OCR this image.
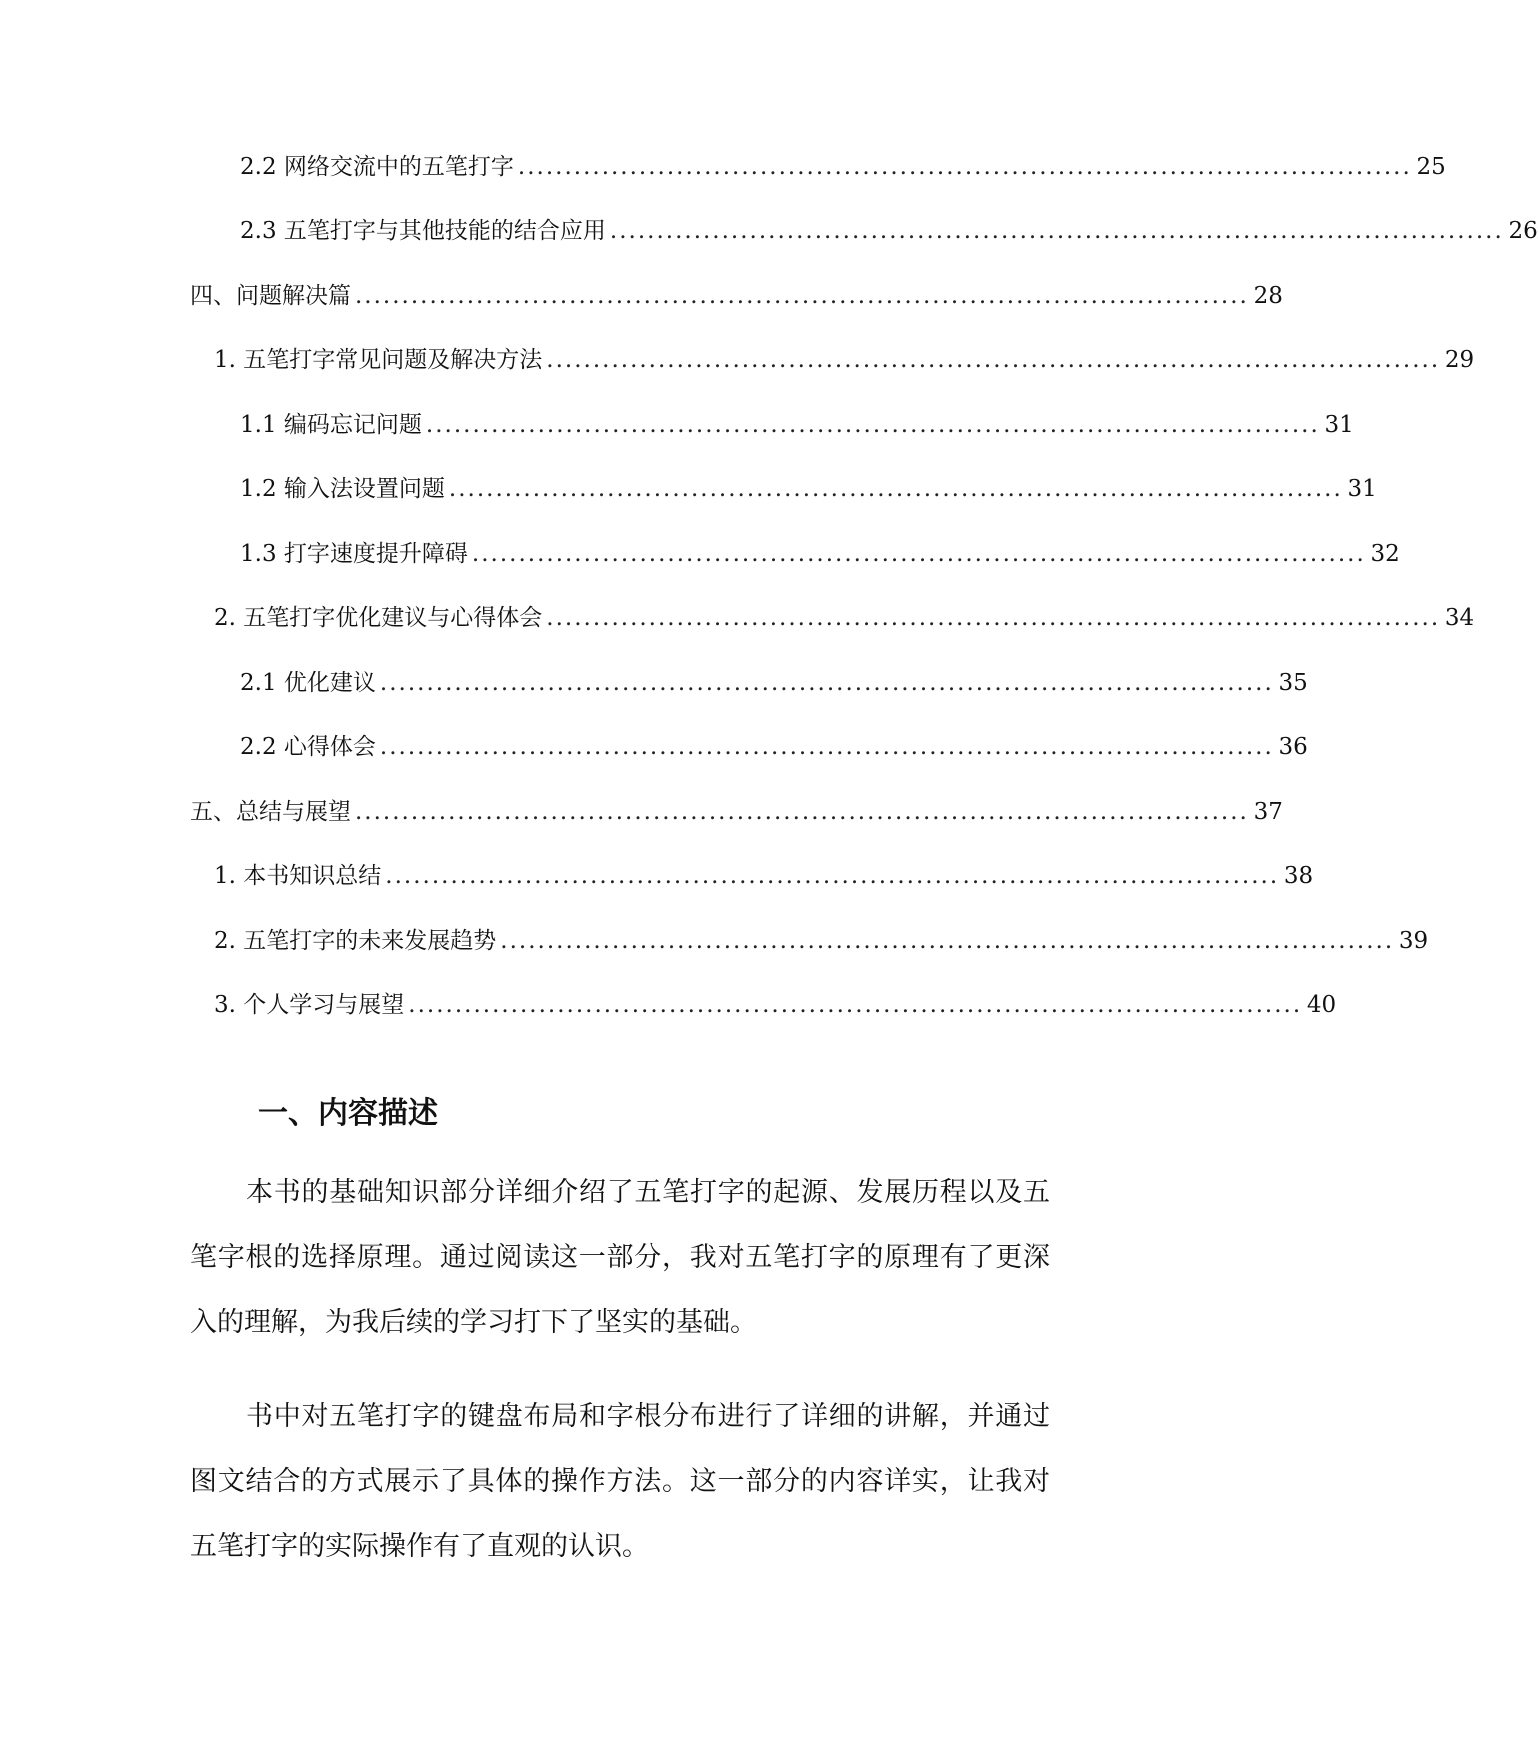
2.2 网络交流中的五笔打字 ................................................................................................ 25
2.3 五笔打字与其他技能的结合应用 ................................................................................................ 26
四、问题解决篇 ................................................................................................ 28
1. 五笔打字常见问题及解决方法 ................................................................................................ 29
1.1 编码忘记问题 ................................................................................................ 31
1.2 输入法设置问题 ................................................................................................ 31
1.3 打字速度提升障碍 ................................................................................................ 32
2. 五笔打字优化建议与心得体会 ................................................................................................ 34
2.1 优化建议 ................................................................................................ 35
2.2 心得体会 ................................................................................................ 36
五、总结与展望 ................................................................................................ 37
1. 本书知识总结 ................................................................................................ 38
2. 五笔打字的未来发展趋势 ................................................................................................ 39
3. 个人学习与展望 ................................................................................................ 40
一、内容描述

本书的基础知识部分详细介绍了五笔打字的起源、发展历程以及五笔字根的选择原理。通过阅读这一部分，我对五笔打字的原理有了更深入的理解，为我后续的学习打下了坚实的基础。

书中对五笔打字的键盘布局和字根分布进行了详细的讲解，并通过图文结合的方式展示了具体的操作方法。这一部分的内容详实，让我对五笔打字的实际操作有了直观的认识。
